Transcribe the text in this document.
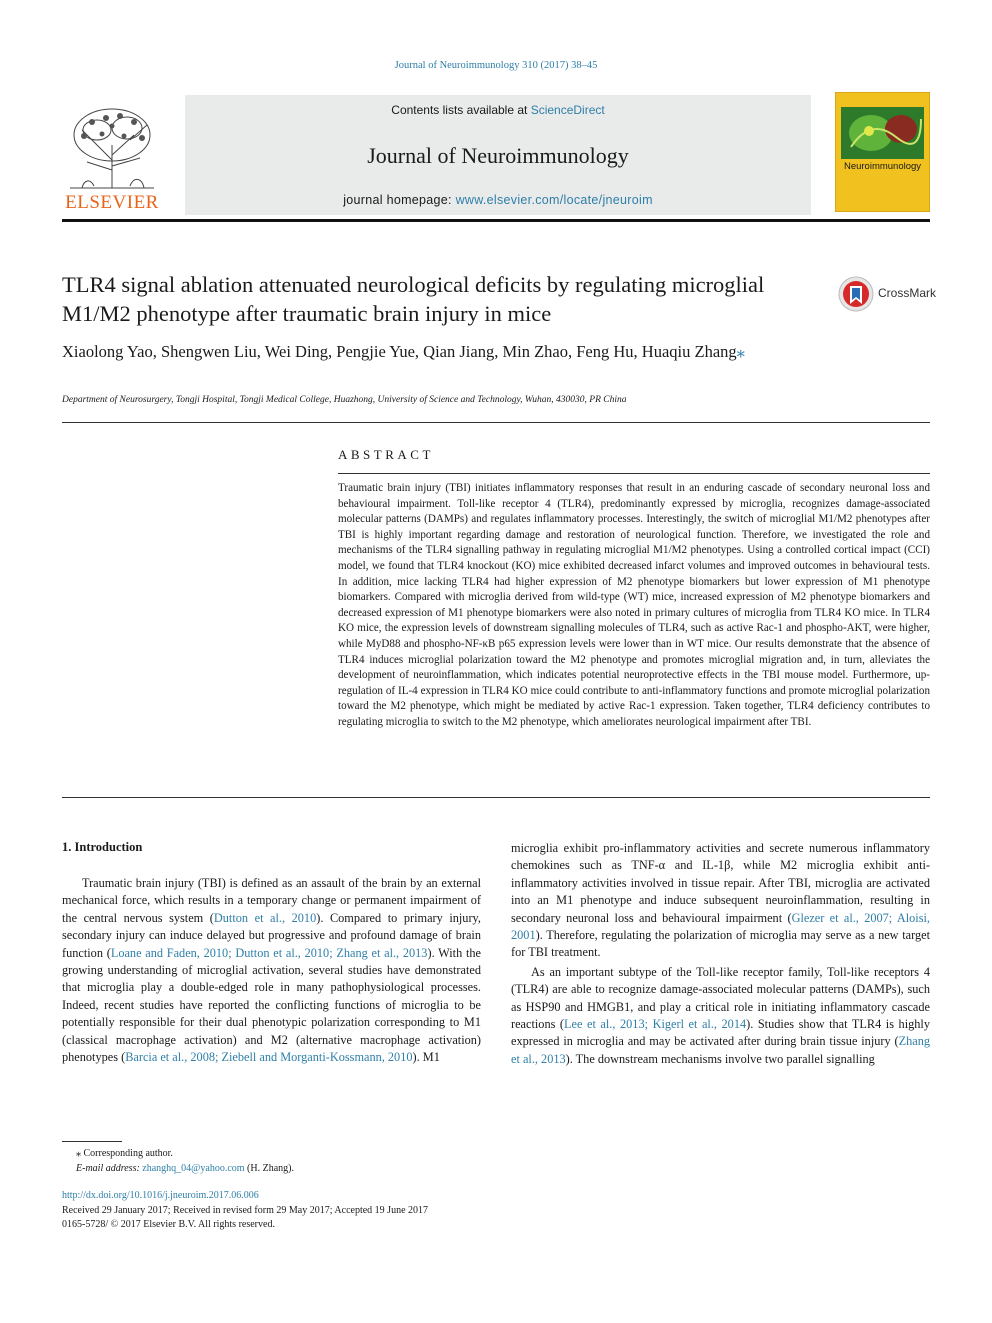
Journal of Neuroimmunology 310 (2017) 38–45
ELSEVIER
Contents lists available at ScienceDirect
Journal of Neuroimmunology
journal homepage: www.elsevier.com/locate/jneuroim
Neuroimmunology
TLR4 signal ablation attenuated neurological deficits by regulating microglial M1/M2 phenotype after traumatic brain injury in mice
CrossMark
Xiaolong Yao, Shengwen Liu, Wei Ding, Pengjie Yue, Qian Jiang, Min Zhao, Feng Hu, Huaqiu Zhang⁎
Department of Neurosurgery, Tongji Hospital, Tongji Medical College, Huazhong, University of Science and Technology, Wuhan, 430030, PR China
ABSTRACT
Traumatic brain injury (TBI) initiates inflammatory responses that result in an enduring cascade of secondary neuronal loss and behavioural impairment. Toll-like receptor 4 (TLR4), predominantly expressed by microglia, recognizes damage-associated molecular patterns (DAMPs) and regulates inflammatory processes. Interestingly, the switch of microglial M1/M2 phenotypes after TBI is highly important regarding damage and restoration of neurological function. Therefore, we investigated the role and mechanisms of the TLR4 signalling pathway in regulating microglial M1/M2 phenotypes. Using a controlled cortical impact (CCI) model, we found that TLR4 knockout (KO) mice exhibited decreased infarct volumes and improved outcomes in behavioural tests. In addition, mice lacking TLR4 had higher expression of M2 phenotype biomarkers but lower expression of M1 phenotype biomarkers. Compared with microglia derived from wild-type (WT) mice, increased expression of M2 phenotype biomarkers and decreased expression of M1 phenotype biomarkers were also noted in primary cultures of microglia from TLR4 KO mice. In TLR4 KO mice, the expression levels of downstream signalling molecules of TLR4, such as active Rac-1 and phospho-AKT, were higher, while MyD88 and phospho-NF-κB p65 expression levels were lower than in WT mice. Our results demonstrate that the absence of TLR4 induces microglial polarization toward the M2 phenotype and promotes microglial migration and, in turn, alleviates the development of neuroinflammation, which indicates potential neuroprotective effects in the TBI mouse model. Furthermore, up-regulation of IL-4 expression in TLR4 KO mice could contribute to anti-inflammatory functions and promote microglial polarization toward the M2 phenotype, which might be mediated by active Rac-1 expression. Taken together, TLR4 deficiency contributes to regulating microglia to switch to the M2 phenotype, which ameliorates neurological impairment after TBI.
1. Introduction

Traumatic brain injury (TBI) is defined as an assault of the brain by an external mechanical force, which results in a temporary change or permanent impairment of the central nervous system (Dutton et al., 2010). Compared to primary injury, secondary injury can induce delayed but progressive and profound damage of brain function (Loane and Faden, 2010; Dutton et al., 2010; Zhang et al., 2013). With the growing understanding of microglial activation, several studies have demonstrated that microglia play a double-edged role in many pathophysiological processes. Indeed, recent studies have reported the conflicting functions of microglia to be potentially responsible for their dual phenotypic polarization corresponding to M1 (classical macrophage activation) and M2 (alternative macrophage activation) phenotypes (Barcia et al., 2008; Ziebell and Morganti-Kossmann, 2010). M1

microglia exhibit pro-inflammatory activities and secrete numerous inflammatory chemokines such as TNF-α and IL-1β, while M2 microglia exhibit anti-inflammatory activities involved in tissue repair. After TBI, microglia are activated into an M1 phenotype and induce subsequent neuroinflammation, resulting in secondary neuronal loss and behavioural impairment (Glezer et al., 2007; Aloisi, 2001). Therefore, regulating the polarization of microglia may serve as a new target for TBI treatment.

As an important subtype of the Toll-like receptor family, Toll-like receptors 4 (TLR4) are able to recognize damage-associated molecular patterns (DAMPs), such as HSP90 and HMGB1, and play a critical role in initiating inflammatory cascade reactions (Lee et al., 2013; Kigerl et al., 2014). Studies show that TLR4 is highly expressed in microglia and may be activated after during brain tissue injury (Zhang et al., 2013). The downstream mechanisms involve two parallel signalling

⁎ Corresponding author.
E-mail address: zhanghq_04@yahoo.com (H. Zhang).
http://dx.doi.org/10.1016/j.jneuroim.2017.06.006
Received 29 January 2017; Received in revised form 29 May 2017; Accepted 19 June 2017
0165-5728/ © 2017 Elsevier B.V. All rights reserved.
